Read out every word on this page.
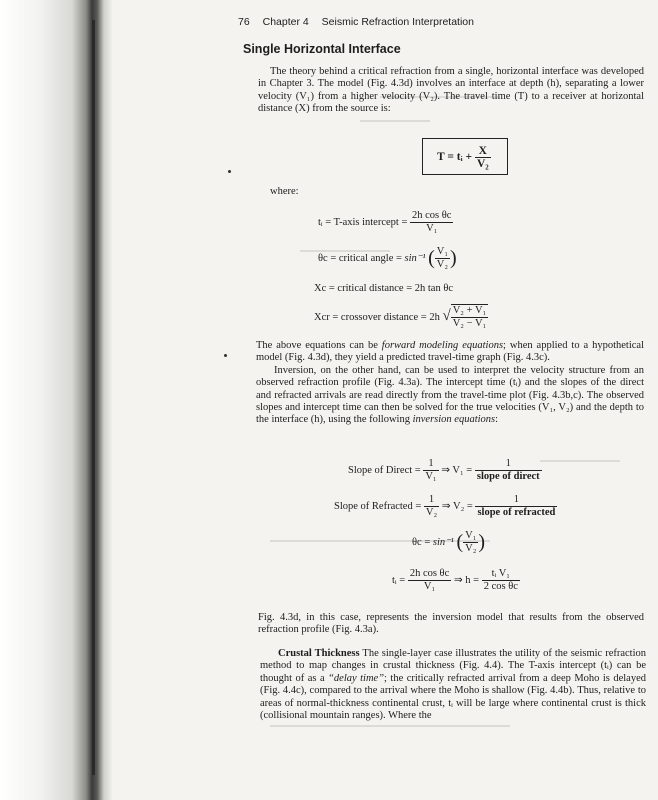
76 Chapter 4 Seismic Refraction Interpretation
Single Horizontal Interface

The theory behind a critical refraction from a single, horizontal interface was developed in Chapter 3. The model (Fig. 4.3d) involves an interface at depth (h), separating a lower velocity (V₁) from a higher velocity (V₂). The travel time (T) to a receiver at horizontal distance (X) from the source is:

T = tᵢ + $\frac{X}{\text{V₂}}$
where:
tᵢ = T-axis intercept = $\frac{\text{2h cos θc}}{\text{V₁}}$
θc = critical angle = sin⁻¹ ( $\frac{\text{V₁}}{\text{V₂}}$ )
Xc = critical distance = 2h tan θc
Xcr = crossover distance = 2h √ $\frac{\text{V₂ + V₁}}{\text{V₂ − V₁}}$

The above equations can be forward modeling equations; when applied to a hypothetical model (Fig. 4.3d), they yield a predicted travel-time graph (Fig. 4.3c).

Inversion, on the other hand, can be used to interpret the velocity structure from an observed refraction profile (Fig. 4.3a). The intercept time (tᵢ) and the slopes of the direct and refracted arrivals are read directly from the travel-time plot (Fig. 4.3b,c). The observed slopes and intercept time can then be solved for the true velocities (V₁, V₂) and the depth to the interface (h), using the following inversion equations:

Slope of Direct = $\frac{1}{\text{V₁}}$ ⇒ $V_1 = \frac{1}{\text{slope of direct}}$
Slope of Refracted = $\frac{1}{\text{V₂}}$ ⇒ $V_2 = \frac{1}{\text{slope of refracted}}$
θc = sin⁻¹ ( $\frac{\text{V₁}}{\text{V₂}}$ )
tᵢ = $\frac{\text{2h cos θc}}{\text{V₁}}$ ⇒ $h = \frac{\text{tᵢ V₁}}{\text{2 cos θc}}$

Fig. 4.3d, in this case, represents the inversion model that results from the observed refraction profile (Fig. 4.3a).

Crustal Thickness The single-layer case illustrates the utility of the seismic refraction method to map changes in crustal thickness (Fig. 4.4). The T-axis intercept (tᵢ) can be thought of as a “delay time”; the critically refracted arrival from a deep Moho is delayed (Fig. 4.4c), compared to the arrival where the Moho is shallow (Fig. 4.4b). Thus, relative to areas of normal-thickness continental crust, tᵢ will be large where continental crust is thick (collisional mountain ranges). Where the
